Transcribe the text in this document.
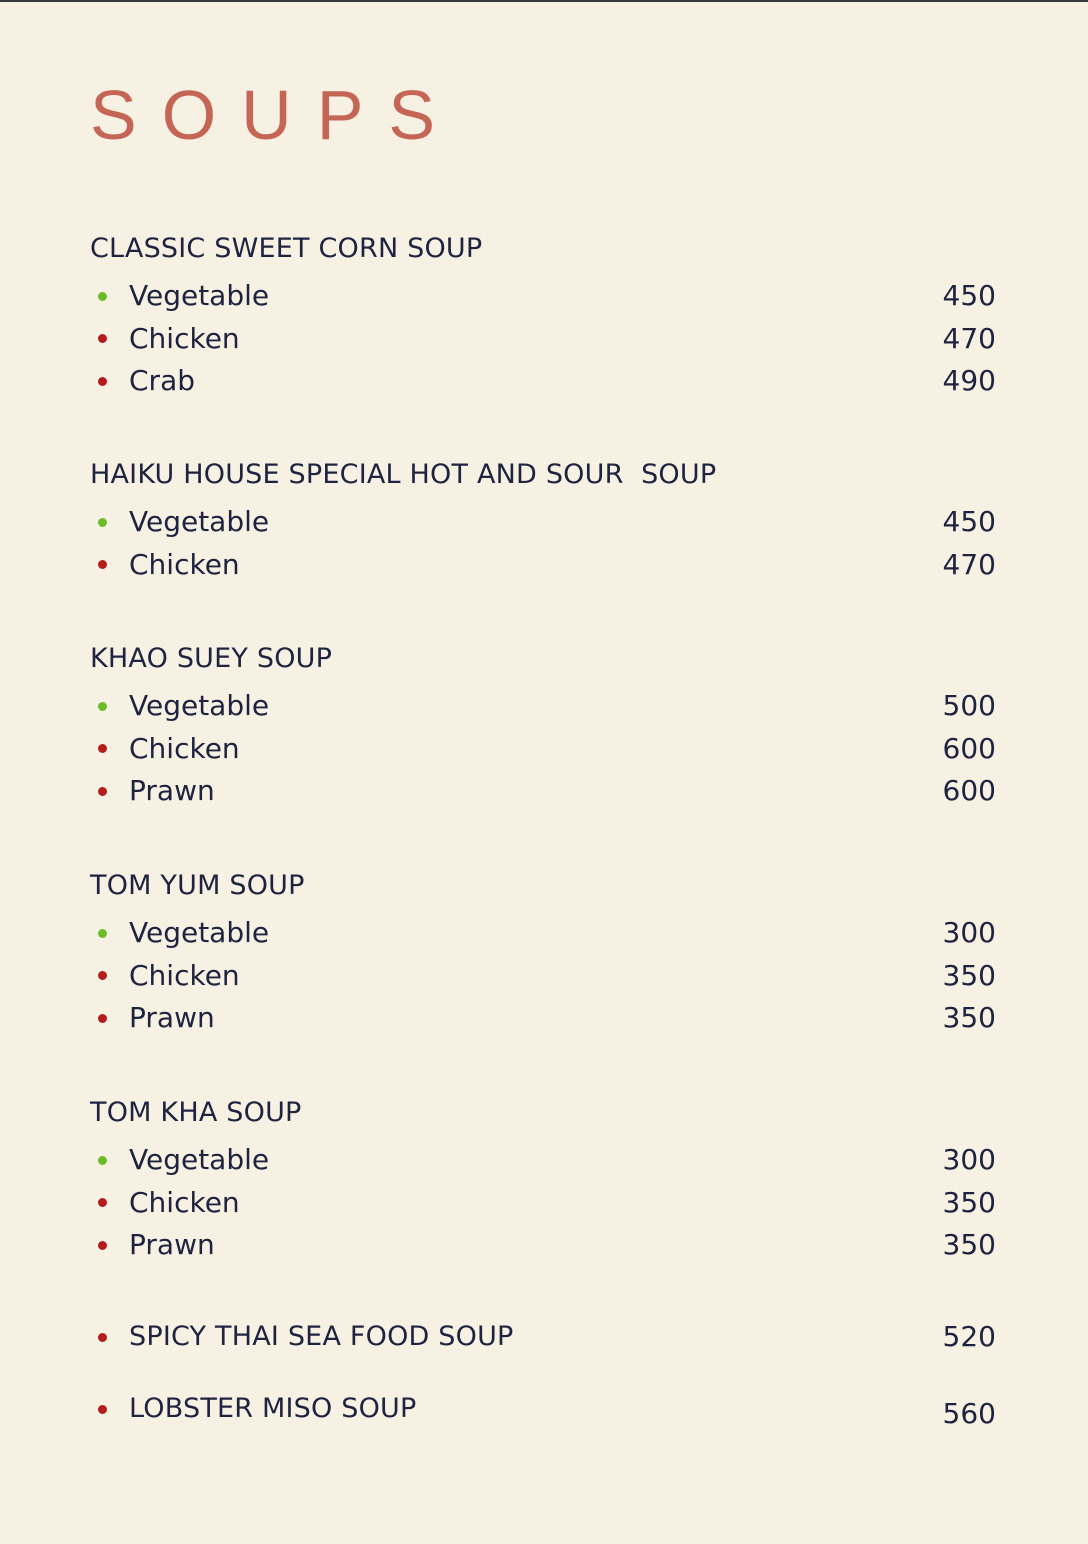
SOUPS
CLASSIC SWEET CORN SOUP
Vegetable	450
Chicken	470
Crab	490
HAIKU HOUSE SPECIAL HOT AND SOUR  SOUP
Vegetable	450
Chicken	470
KHAO SUEY SOUP
Vegetable	500
Chicken	600
Prawn	600
TOM YUM SOUP
Vegetable	300
Chicken	350
Prawn	350
TOM KHA SOUP
Vegetable	300
Chicken	350
Prawn	350
SPICY THAI SEA FOOD SOUP	520
LOBSTER MISO SOUP	560
